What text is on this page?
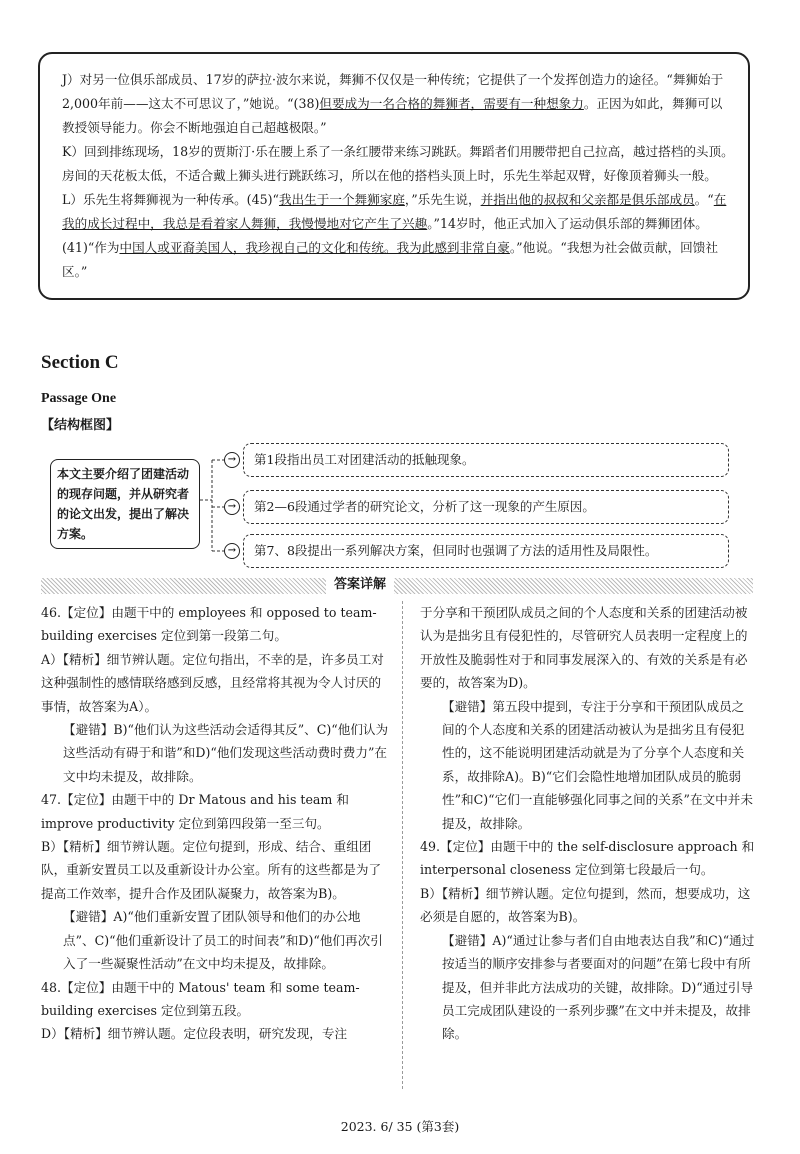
J）对另一位俱乐部成员、17岁的萨拉·波尔来说，舞狮不仅仅是一种传统；它提供了一个发挥创造力的途径。“舞狮始于2,000年前——这太不可思议了，”她说。“(38)但要成为一名合格的舞狮者，需要有一种想象力。正因为如此，舞狮可以教授领导能力。你会不断地强迫自己超越极限。”

K）回到排练现场，18岁的贾斯汀·乐在腰上系了一条红腰带来练习跳跃。舞蹈者们用腰带把自己拉高，越过搭档的头顶。房间的天花板太低，不适合戴上狮头进行跳跃练习，所以在他的搭档头顶上时，乐先生举起双臂，好像顶着狮头一般。

L）乐先生将舞狮视为一种传承。(45)“我出生于一个舞狮家庭，”乐先生说，并指出他的叔叔和父亲都是俱乐部成员。“在我的成长过程中，我总是看着家人舞狮，我慢慢地对它产生了兴趣。”14岁时，他正式加入了运动俱乐部的舞狮团体。(41)“作为中国人或亚裔美国人，我珍视自己的文化和传统。我为此感到非常自豪。”他说。“我想为社会做贡献，回馈社区。”

Section C
Passage One
【结构框图】
本文主要介绍了团建活动的现存问题，并从研究者的论文出发，提出了解决方案。
→	第1段指出员工对团建活动的抵触现象。
→	第2—6段通过学者的研究论文，分析了这一现象的产生原因。
→	第7、8段提出一系列解决方案，但同时也强调了方法的适用性及局限性。
答案详解

46.【定位】由题干中的 employees 和 opposed to team-building exercises 定位到第一段第二句。

A）【精析】细节辨认题。定位句指出，不幸的是，许多员工对这种强制性的感情联络感到反感，且经常将其视为令人讨厌的事情，故答案为A）。

【避错】B)“他们认为这些活动会适得其反”、C)“他们认为这些活动有碍于和谐”和D)“他们发现这些活动费时费力”在文中均未提及，故排除。

47.【定位】由题干中的 Dr Matous and his team 和 improve productivity 定位到第四段第一至三句。

B）【精析】细节辨认题。定位句提到，形成、结合、重组团队，重新安置员工以及重新设计办公室。所有的这些都是为了提高工作效率，提升合作及团队凝聚力，故答案为B)。

【避错】A)“他们重新安置了团队领导和他们的办公地点”、C)“他们重新设计了员工的时间表”和D)“他们再次引入了一些凝聚性活动”在文中均未提及，故排除。

48.【定位】由题干中的 Matous' team 和 some team-building exercises 定位到第五段。

D）【精析】细节辨认题。定位段表明，研究发现，专注

于分享和干预团队成员之间的个人态度和关系的团建活动被认为是拙劣且有侵犯性的，尽管研究人员表明一定程度上的开放性及脆弱性对于和同事发展深入的、有效的关系是有必要的，故答案为D)。

【避错】第五段中提到，专注于分享和干预团队成员之间的个人态度和关系的团建活动被认为是拙劣且有侵犯性的，这不能说明团建活动就是为了分享个人态度和关系，故排除A)。B)“它们会隐性地增加团队成员的脆弱性”和C)“它们一直能够强化同事之间的关系”在文中并未提及，故排除。

49.【定位】由题干中的 the self-disclosure approach 和 interpersonal closeness 定位到第七段最后一句。

B）【精析】细节辨认题。定位句提到，然而，想要成功，这必须是自愿的，故答案为B)。

【避错】A)“通过让参与者们自由地表达自我”和C)“通过按适当的顺序安排参与者要面对的问题”在第七段中有所提及，但并非此方法成功的关键，故排除。D)“通过引导员工完成团队建设的一系列步骤”在文中并未提及，故排除。

2023. 6/ 35 (第3套)
